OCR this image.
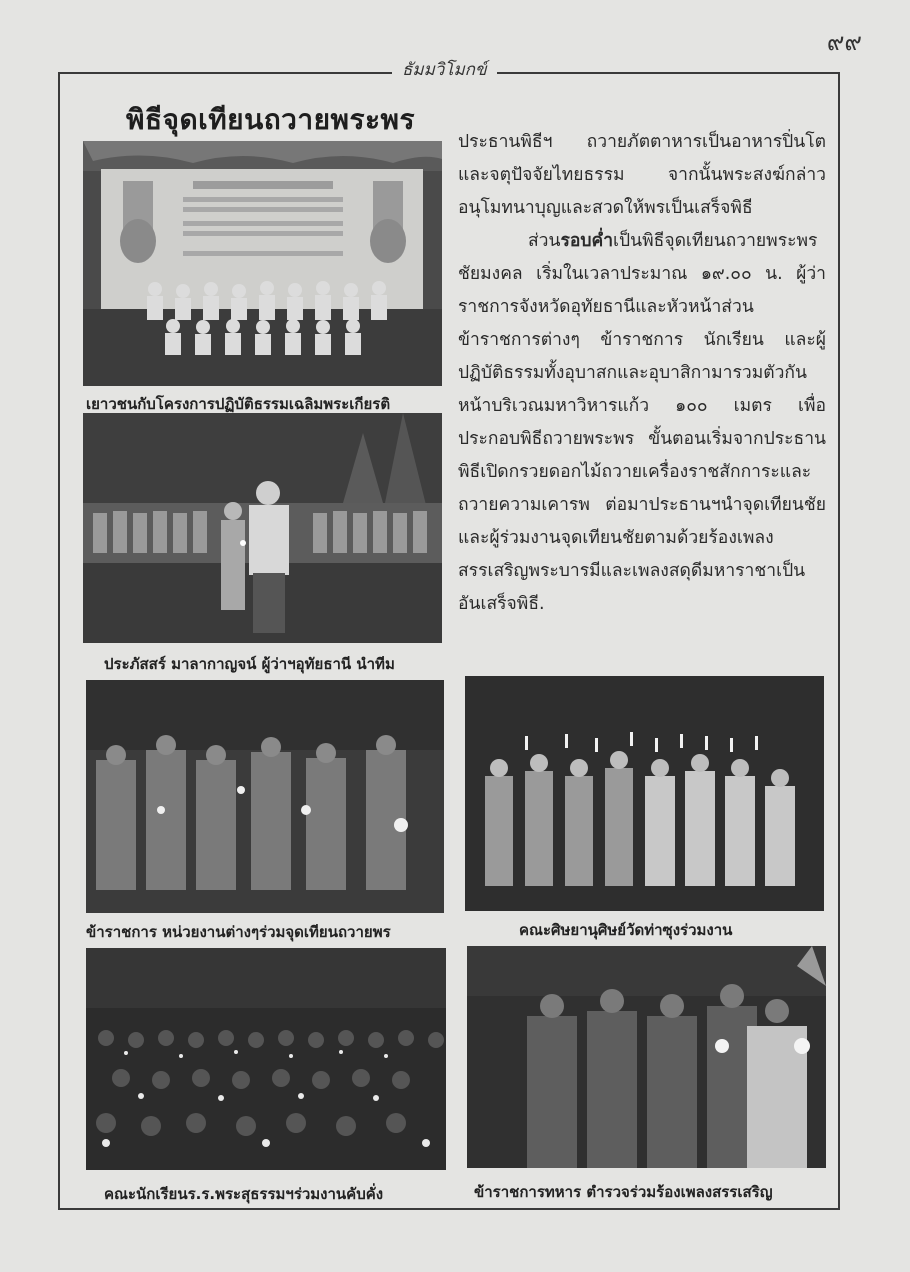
๙๙
ธัมมวิโมกข์
พิธีจุดเทียนถวายพระพร
เยาวชนกับโครงการปฏิบัติธรรมเฉลิมพระเกียรติ
ประภัสสร์ มาลากาญจน์ ผู้ว่าฯอุทัยธานี นำทีม

ประธานพิธีฯ ถวายภัตตาหารเป็นอาหารปิ่นโต และจตุปัจจัยไทยธรรม จากนั้นพระสงฆ์กล่าวอนุโมทนาบุญและสวดให้พรเป็นเสร็จพิธี

ส่วนรอบค่ำเป็นพิธีจุดเทียนถวายพระพรชัยมงคล เริ่มในเวลาประมาณ ๑๙.๐๐ น. ผู้ว่าราชการจังหวัดอุทัยธานีและหัวหน้าส่วนข้าราชการต่างๆ ข้าราชการ นักเรียน และผู้ปฏิบัติธรรมทั้งอุบาสกและอุบาสิกามารวมตัวกัน หน้าบริเวณมหาวิหารแก้ว ๑๐๐ เมตร เพื่อประกอบพิธีถวายพระพร ขั้นตอนเริ่มจากประธานพิธีเปิดกรวยดอกไม้ถวายเครื่องราชสักการะและถวายความเคารพ ต่อมาประธานฯนำจุดเทียนชัยและผู้ร่วมงานจุดเทียนชัยตามด้วยร้องเพลงสรรเสริญพระบารมีและเพลงสดุดีมหาราชาเป็นอันเสร็จพิธี.

ข้าราชการ หน่วยงานต่างๆร่วมจุดเทียนถวายพร	คณะศิษยานุศิษย์วัดท่าซุงร่วมงาน
คณะนักเรียนร.ร.พระสุธรรมฯร่วมงานคับคั่ง	ข้าราชการทหาร ตำรวจร่วมร้องเพลงสรรเสริญ
